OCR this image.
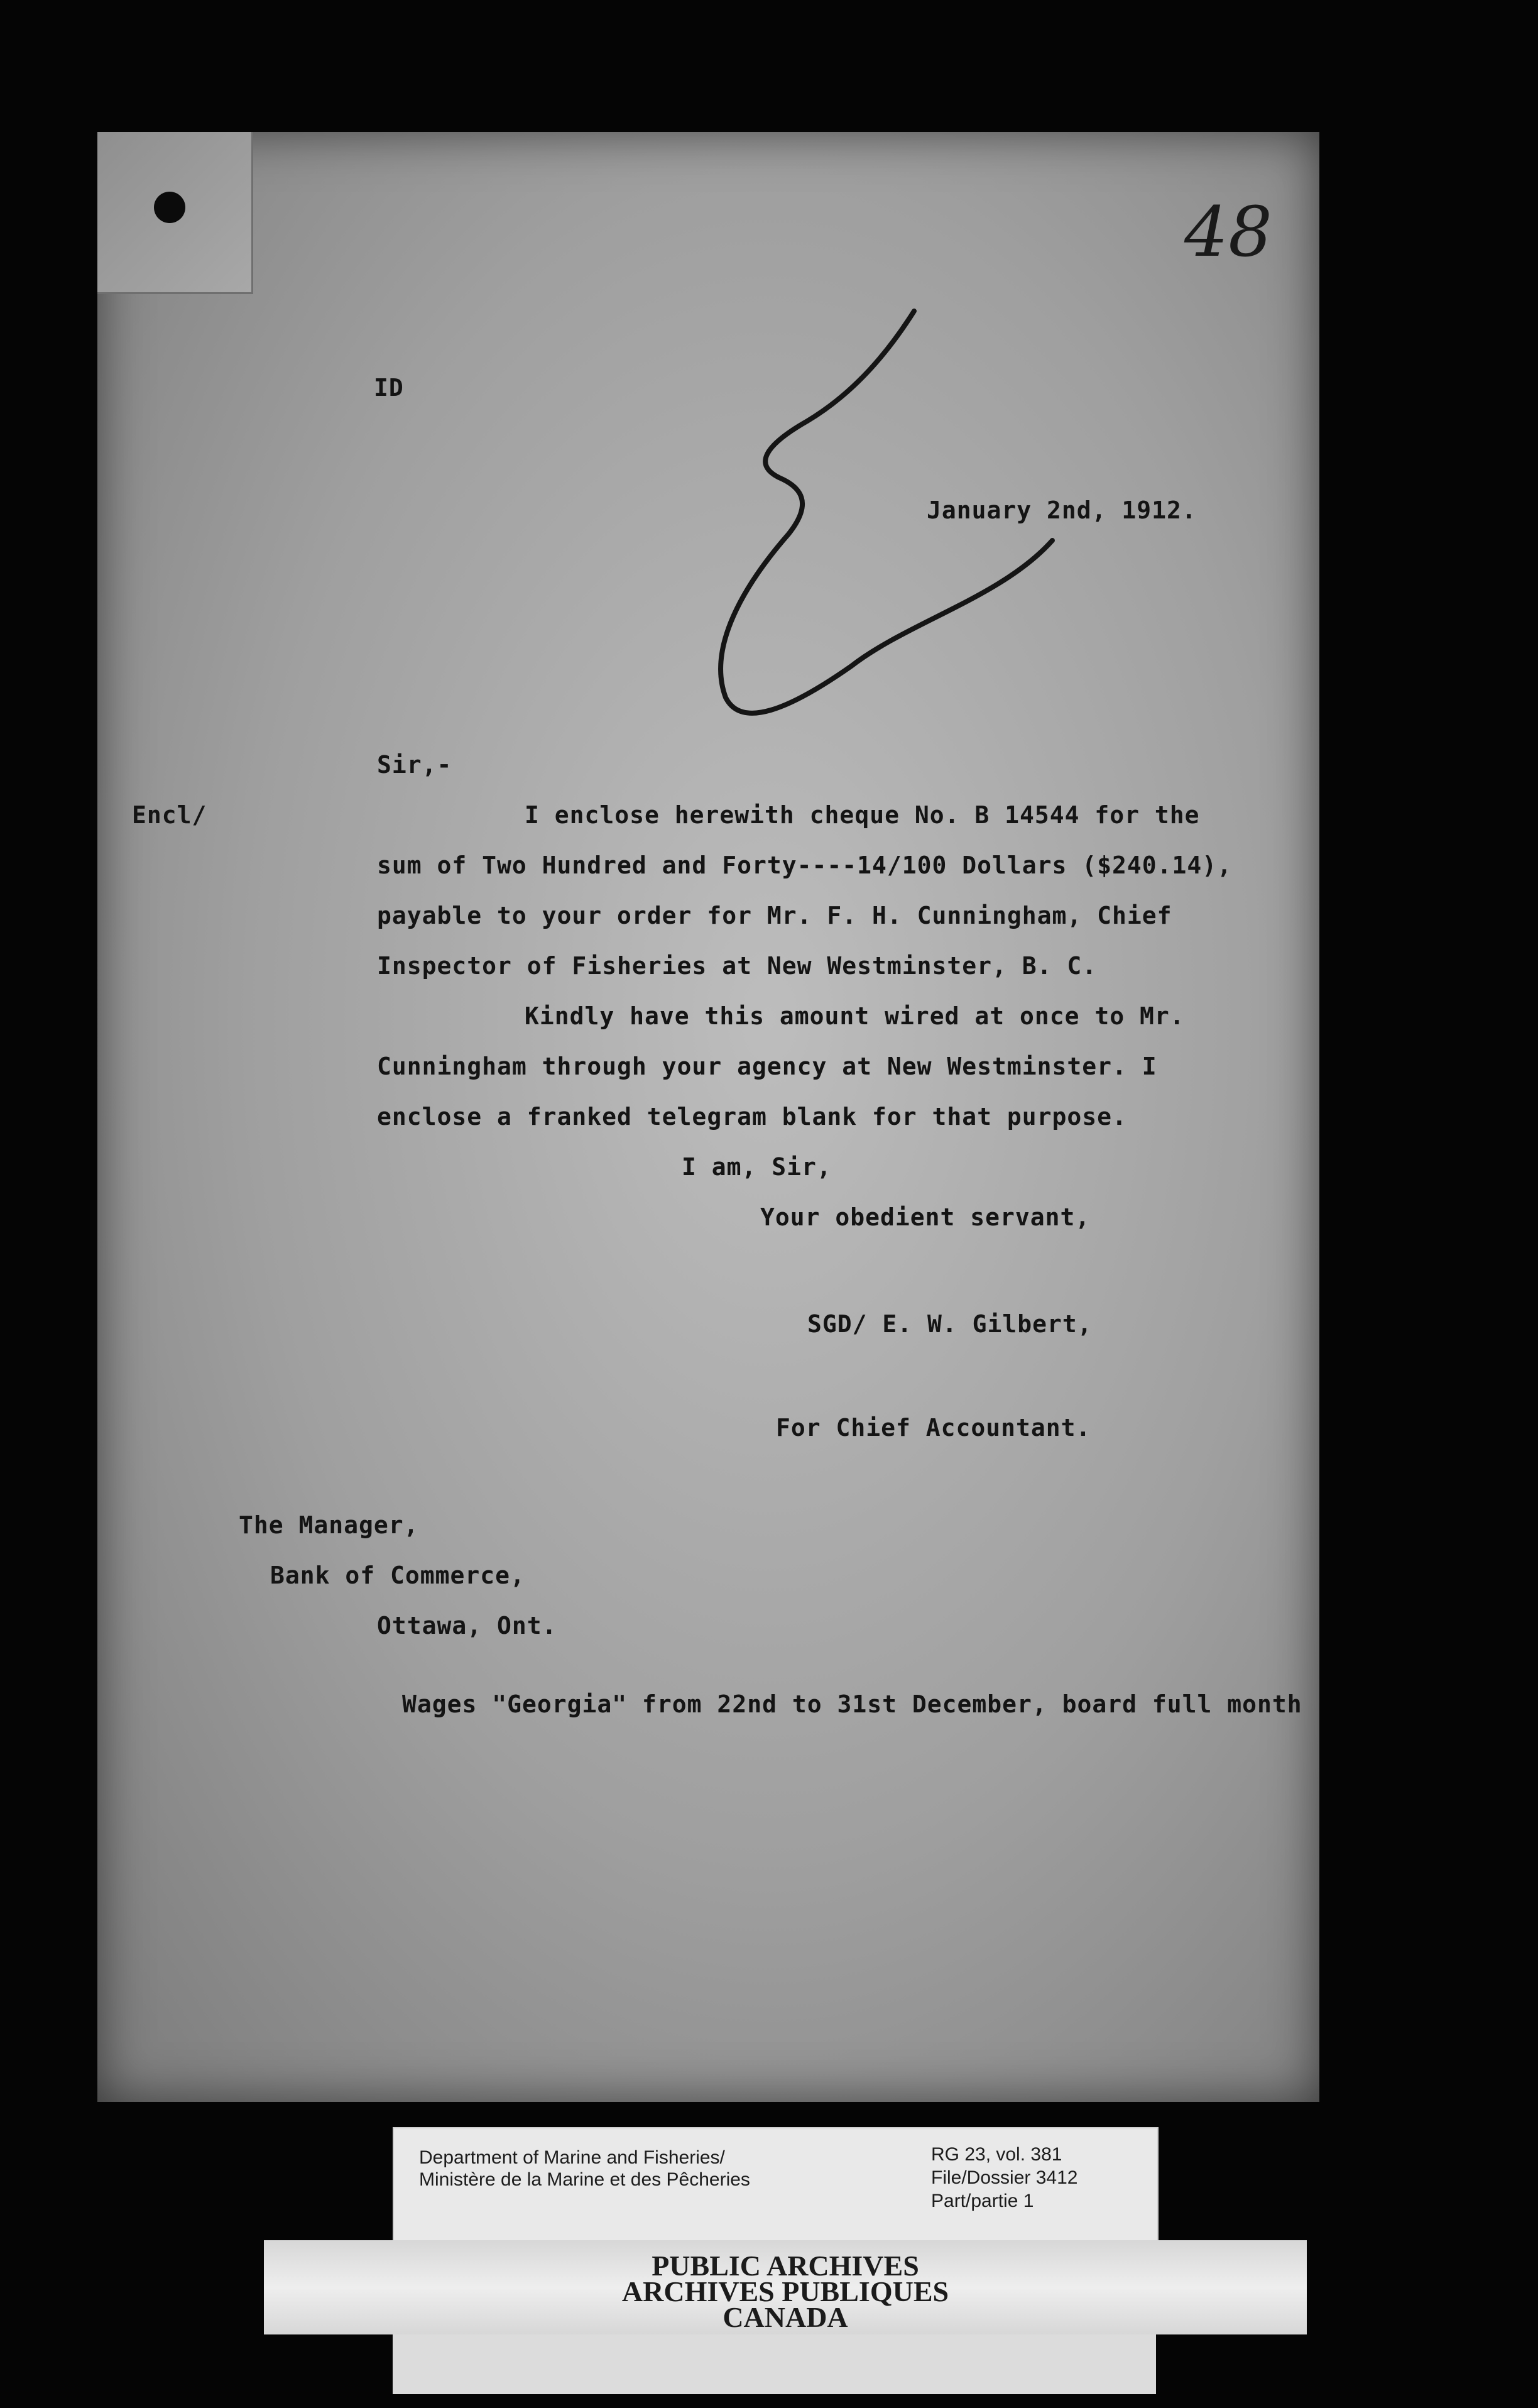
48
ID
January 2nd, 1912.
Sir,-
Encl/	I enclose herewith cheque No. B 14544 for the
sum of Two Hundred and Forty----14/100 Dollars ($240.14),
payable to your order for Mr. F. H. Cunningham, Chief
Inspector of Fisheries at New Westminster, B. C.
Kindly have this amount wired at once to Mr.
Cunningham through your agency at New Westminster. I
enclose a franked telegram blank for that purpose.
I am, Sir,
Your obedient servant,
SGD/ E. W. Gilbert,
For Chief Accountant.
The Manager,
Bank of Commerce,
Ottawa, Ont.
Wages "Georgia" from 22nd to 31st December, board full month
Department of Marine and Fisheries/
Ministère de la Marine et des Pêcheries
RG 23, vol. 381
File/Dossier 3412
Part/partie 1
PUBLIC ARCHIVES
ARCHIVES PUBLIQUES
CANADA
